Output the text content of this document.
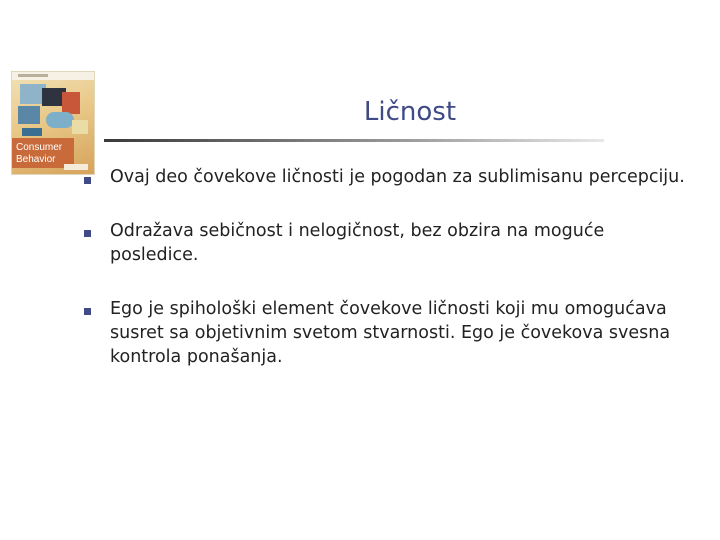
Consumer
Behavior
Ličnost
Ovaj deo čovekove ličnosti je pogodan za sublimisanu percepciju.
Odražava sebičnost i nelogičnost, bez obzira na moguće posledice.
Ego je spihološki element čovekove ličnosti koji mu omogućava susret sa objetivnim svetom stvarnosti. Ego je čovekova svesna kontrola ponašanja.
